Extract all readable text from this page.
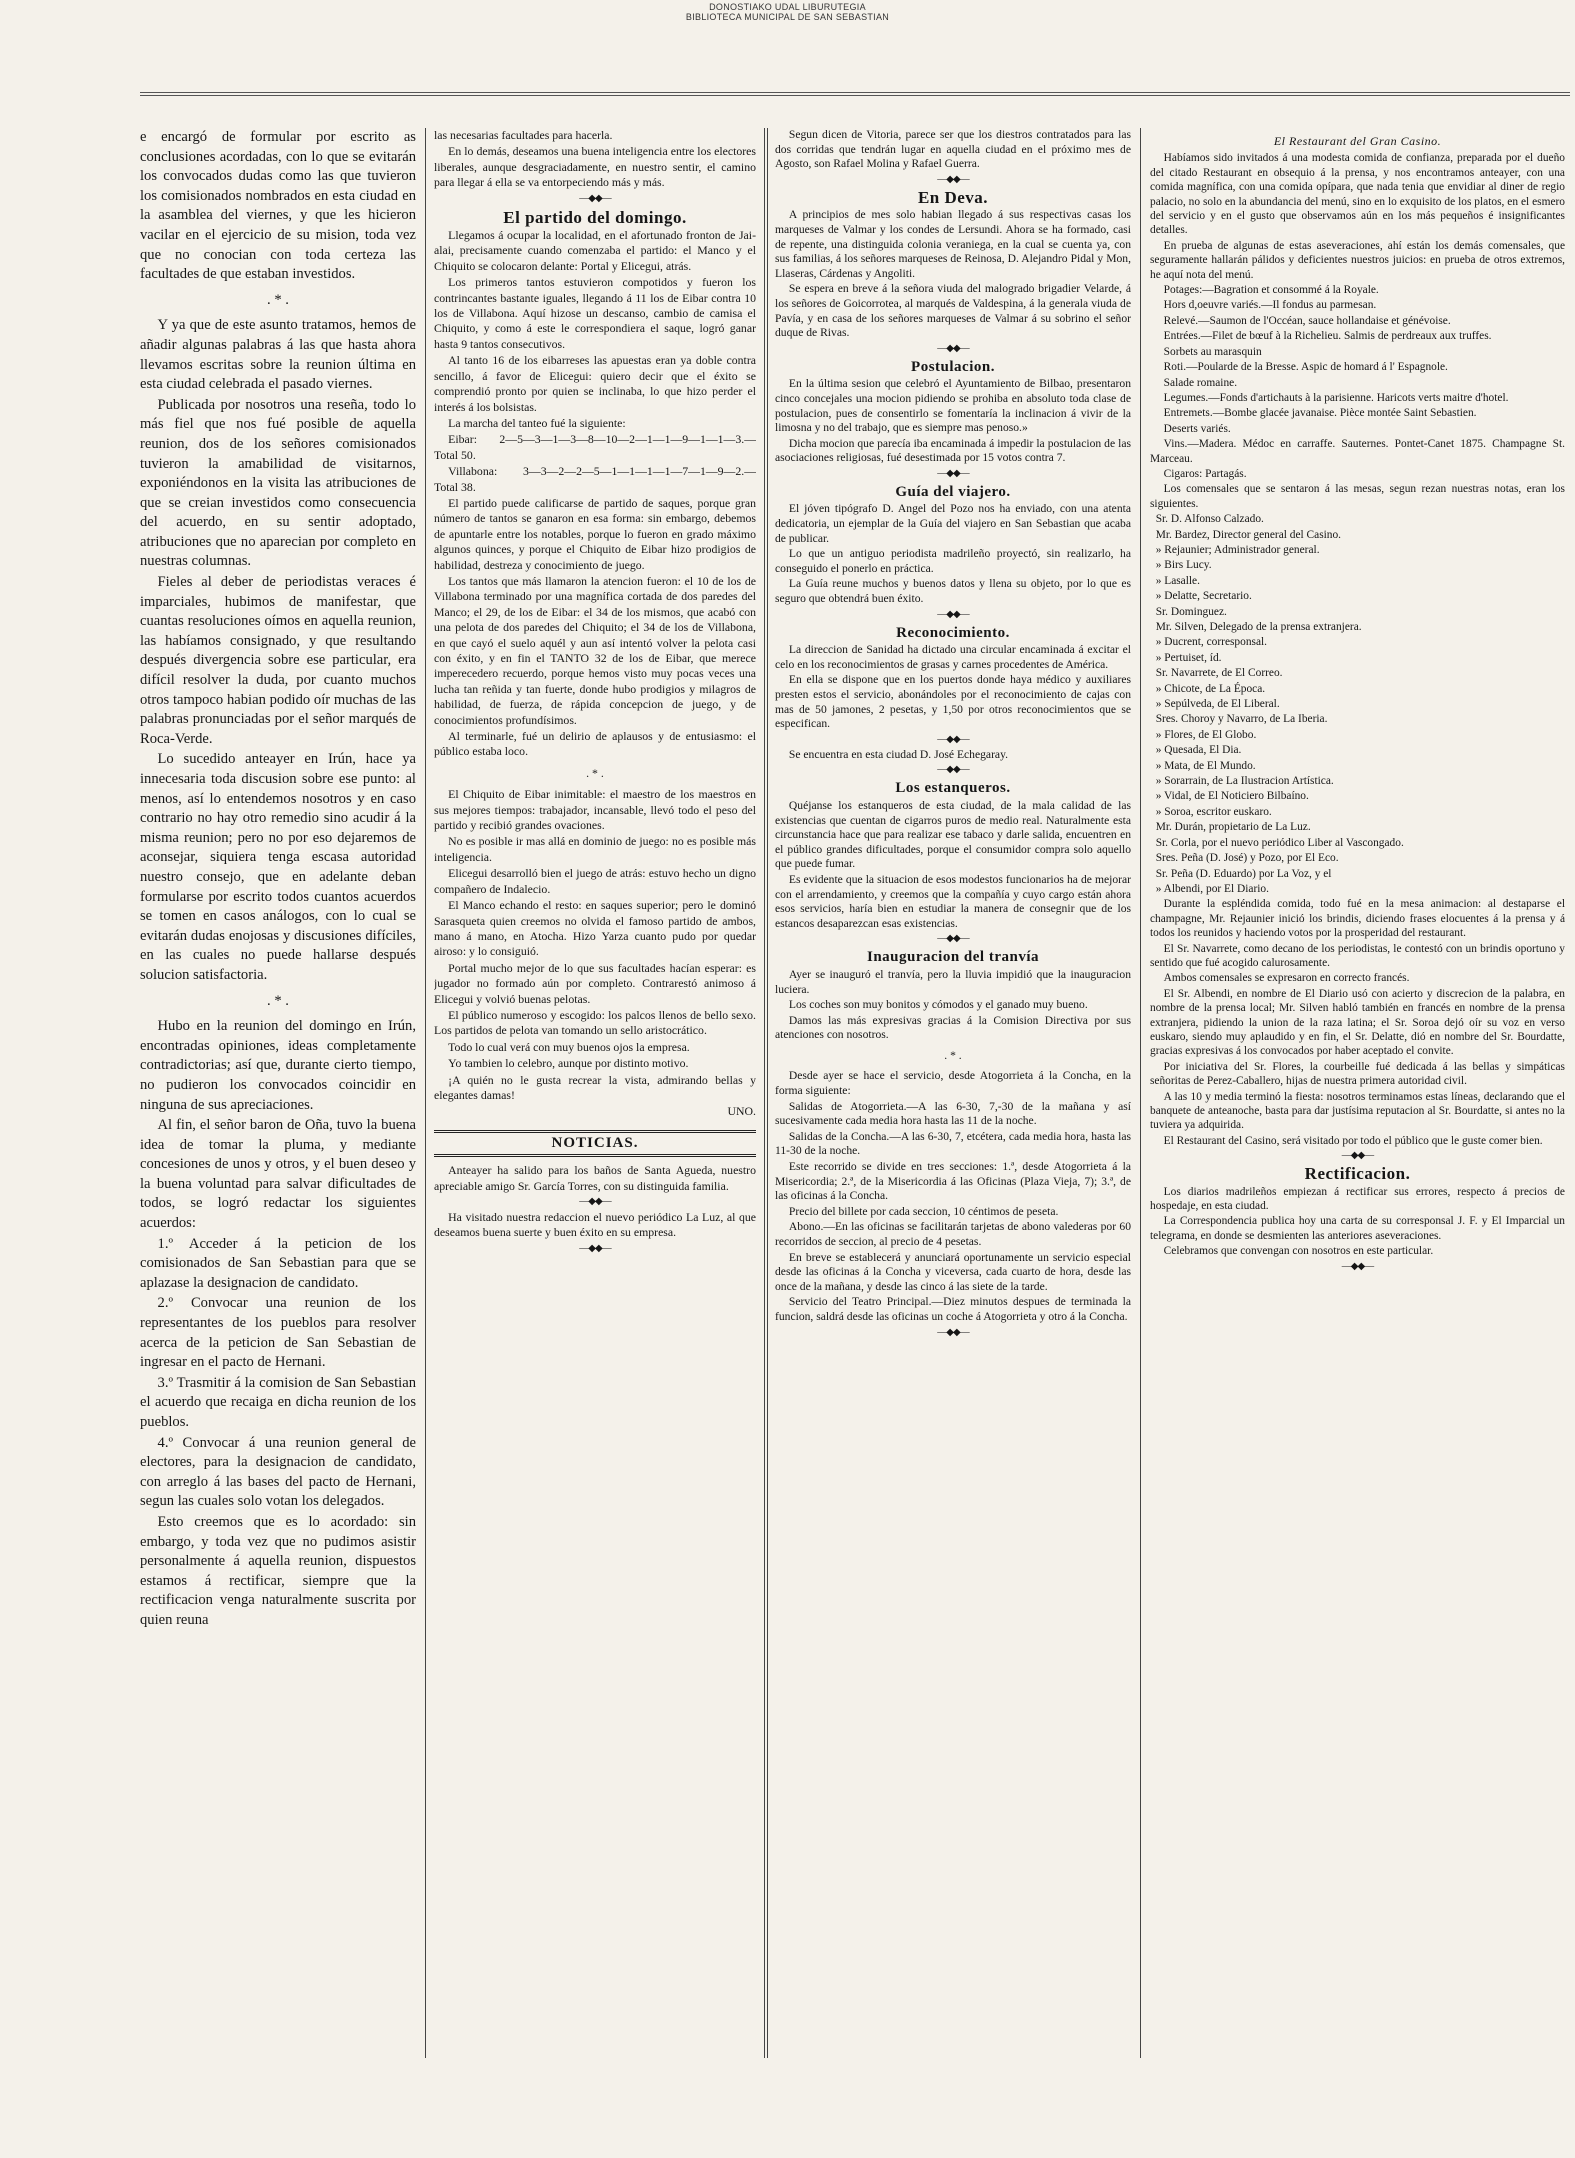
DONOSTIAKO UDAL LIBURUTEGIA
BIBLIOTECA MUNICIPAL DE SAN SEBASTIAN

e encargó de formular por escrito as conclusiones acordadas, con lo que se evitarán los convocados dudas como las que tuvieron los comisionados nombrados en esta ciudad en la asamblea del viernes, y que les hicieron vacilar en el ejercicio de su mision, toda vez que no conocian con toda certeza las facultades de que estaban investidos.

. * .

Y ya que de este asunto tratamos, hemos de añadir algunas palabras á las que hasta ahora llevamos escritas sobre la reunion última en esta ciudad celebrada el pasado viernes.

Publicada por nosotros una reseña, todo lo más fiel que nos fué posible de aquella reunion, dos de los señores comisionados tuvieron la amabilidad de visitarnos, exponiéndonos en la visita las atribuciones de que se creian investidos como consecuencia del acuerdo, en su sentir adoptado, atribuciones que no aparecian por completo en nuestras columnas.

Fieles al deber de periodistas veraces é imparciales, hubimos de manifestar, que cuantas resoluciones oímos en aquella reunion, las habíamos consignado, y que resultando después divergencia sobre ese particular, era difícil resolver la duda, por cuanto muchos otros tampoco habian podido oír muchas de las palabras pronunciadas por el señor marqués de Roca-Verde.

Lo sucedido anteayer en Irún, hace ya innecesaria toda discusion sobre ese punto: al menos, así lo entendemos nosotros y en caso contrario no hay otro remedio sino acudir á la misma reunion; pero no por eso dejaremos de aconsejar, siquiera tenga escasa autoridad nuestro consejo, que en adelante deban formularse por escrito todos cuantos acuerdos se tomen en casos análogos, con lo cual se evitarán dudas enojosas y discusiones difíciles, en las cuales no puede hallarse después solucion satisfactoria.

. * .

Hubo en la reunion del domingo en Irún, encontradas opiniones, ideas completamente contradictorias; así que, durante cierto tiempo, no pudieron los convocados coincidir en ninguna de sus apreciaciones.

Al fin, el señor baron de Oña, tuvo la buena idea de tomar la pluma, y mediante concesiones de unos y otros, y el buen deseo y la buena voluntad para salvar dificultades de todos, se logró redactar los siguientes acuerdos:

1.º Acceder á la peticion de los comisionados de San Sebastian para que se aplazase la designacion de candidato.

2.º Convocar una reunion de los representantes de los pueblos para resolver acerca de la peticion de San Sebastian de ingresar en el pacto de Hernani.

3.º Trasmitir á la comision de San Sebastian el acuerdo que recaiga en dicha reunion de los pueblos.

4.º Convocar á una reunion general de electores, para la designacion de candidato, con arreglo á las bases del pacto de Hernani, segun las cuales solo votan los delegados.

Esto creemos que es lo acordado: sin embargo, y toda vez que no pudimos asistir personalmente á aquella reunion, dispuestos estamos á rectificar, siempre que la rectificacion venga naturalmente suscrita por quien reuna

las necesarias facultades para hacerla.

En lo demás, deseamos una buena inteligencia entre los electores liberales, aunque desgraciadamente, en nuestro sentir, el camino para llegar á ella se va entorpeciendo más y más.

—◆◆—
El partido del domingo.

Llegamos á ocupar la localidad, en el afortunado fronton de Jai-alai, precisamente cuando comenzaba el partido: el Manco y el Chiquito se colocaron delante: Portal y Elicegui, atrás.

Los primeros tantos estuvieron compotidos y fueron los contrincantes bastante iguales, llegando á 11 los de Eibar contra 10 los de Villabona. Aquí hizose un descanso, cambio de camisa el Chiquito, y como á este le correspondiera el saque, logró ganar hasta 9 tantos consecutivos.

Al tanto 16 de los eibarreses las apuestas eran ya doble contra sencillo, á favor de Elicegui: quiero decir que el éxito se comprendió pronto por quien se inclinaba, lo que hizo perder el interés á los bolsistas.

La marcha del tanteo fué la siguiente:

Eibar: 2—5—3—1—3—8—10—2—1—1—9—1—1—3.—Total 50.

Villabona: 3—3—2—2—5—1—1—1—1—7—1—9—2.—Total 38.

El partido puede calificarse de partido de saques, porque gran número de tantos se ganaron en esa forma: sin embargo, debemos de apuntarle entre los notables, porque lo fueron en grado máximo algunos quinces, y porque el Chiquito de Eibar hizo prodigios de habilidad, destreza y conocimiento de juego.

Los tantos que más llamaron la atencion fueron: el 10 de los de Villabona terminado por una magnífica cortada de dos paredes del Manco; el 29, de los de Eibar: el 34 de los mismos, que acabó con una pelota de dos paredes del Chiquito; el 34 de los de Villabona, en que cayó el suelo aquél y aun así intentó volver la pelota casi con éxito, y en fin el TANTO 32 de los de Eibar, que merece imperecedero recuerdo, porque hemos visto muy pocas veces una lucha tan reñida y tan fuerte, donde hubo prodigios y milagros de habilidad, de fuerza, de rápida concepcion de juego, y de conocimientos profundísimos.

Al terminarle, fué un delirio de aplausos y de entusiasmo: el público estaba loco.

. * .

El Chiquito de Eibar inimitable: el maestro de los maestros en sus mejores tiempos: trabajador, incansable, llevó todo el peso del partido y recibió grandes ovaciones.

No es posible ir mas allá en dominio de juego: no es posible más inteligencia.

Elicegui desarrolló bien el juego de atrás: estuvo hecho un digno compañero de Indalecio.

El Manco echando el resto: en saques superior; pero le dominó Sarasqueta quien creemos no olvida el famoso partido de ambos, mano á mano, en Atocha. Hizo Yarza cuanto pudo por quedar airoso: y lo consiguió.

Portal mucho mejor de lo que sus facultades hacían esperar: es jugador no formado aún por completo. Contrarestó animoso á Elicegui y volvió buenas pelotas.

El público numeroso y escogido: los palcos llenos de bello sexo. Los partidos de pelota van tomando un sello aristocrático.

Todo lo cual verá con muy buenos ojos la empresa.

Yo tambien lo celebro, aunque por distinto motivo.

¡A quién no le gusta recrear la vista, admirando bellas y elegantes damas!

UNO.

NOTICIAS.

Anteayer ha salido para los baños de Santa Agueda, nuestro apreciable amigo Sr. García Torres, con su distinguida familia.

—◆◆—

Ha visitado nuestra redaccion el nuevo periódico La Luz, al que deseamos buena suerte y buen éxito en su empresa.

—◆◆—

Segun dicen de Vitoria, parece ser que los diestros contratados para las dos corridas que tendrán lugar en aquella ciudad en el próximo mes de Agosto, son Rafael Molina y Rafael Guerra.

—◆◆—
En Deva.

A principios de mes solo habian llegado á sus respectivas casas los marqueses de Valmar y los condes de Lersundi. Ahora se ha formado, casi de repente, una distinguida colonia veraniega, en la cual se cuenta ya, con sus familias, á los señores marqueses de Reinosa, D. Alejandro Pidal y Mon, Llaseras, Cárdenas y Angoliti.

Se espera en breve á la señora viuda del malogrado brigadier Velarde, á los señores de Goicorrotea, al marqués de Valdespina, á la generala viuda de Pavía, y en casa de los señores marqueses de Valmar á su sobrino el señor duque de Rivas.

—◆◆—
Postulacion.

En la última sesion que celebró el Ayuntamiento de Bilbao, presentaron cinco concejales una mocion pidiendo se prohiba en absoluto toda clase de postulacion, pues de consentirlo se fomentaría la inclinacion á vivir de la limosna y no del trabajo, que es siempre mas penoso.»

Dicha mocion que parecía iba encaminada á impedir la postulacion de las asociaciones religiosas, fué desestimada por 15 votos contra 7.

—◆◆—
Guía del viajero.

El jóven tipógrafo D. Angel del Pozo nos ha enviado, con una atenta dedicatoria, un ejemplar de la Guía del viajero en San Sebastian que acaba de publicar.

Lo que un antiguo periodista madrileño proyectó, sin realizarlo, ha conseguido el ponerlo en práctica.

La Guía reune muchos y buenos datos y llena su objeto, por lo que es seguro que obtendrá buen éxito.

—◆◆—
Reconocimiento.

La direccion de Sanidad ha dictado una circular encaminada á excitar el celo en los reconocimientos de grasas y carnes procedentes de América.

En ella se dispone que en los puertos donde haya médico y auxiliares presten estos el servicio, abonándoles por el reconocimiento de cajas con mas de 50 jamones, 2 pesetas, y 1,50 por otros reconocimientos que se especifican.

—◆◆—

Se encuentra en esta ciudad D. José Echegaray.

—◆◆—
Los estanqueros.

Quéjanse los estanqueros de esta ciudad, de la mala calidad de las existencias que cuentan de cigarros puros de medio real. Naturalmente esta circunstancia hace que para realizar ese tabaco y darle salida, encuentren en el público grandes dificultades, porque el consumidor compra solo aquello que puede fumar.

Es evidente que la situacion de esos modestos funcionarios ha de mejorar con el arrendamiento, y creemos que la compañía y cuyo cargo están ahora esos servicios, haría bien en estudiar la manera de consegnir que de los estancos desaparezcan esas existencias.

—◆◆—
Inauguracion del tranvía

Ayer se inauguró el tranvía, pero la lluvia impidió que la inauguracion luciera.

Los coches son muy bonitos y cómodos y el ganado muy bueno.

Damos las más expresivas gracias á la Comision Directiva por sus atenciones con nosotros.

. * .

Desde ayer se hace el servicio, desde Atogorrieta á la Concha, en la forma siguiente:

Salidas de Atogorrieta.—A las 6-30, 7,-30 de la mañana y así sucesivamente cada media hora hasta las 11 de la noche.

Salidas de la Concha.—A las 6-30, 7, etcétera, cada media hora, hasta las 11-30 de la noche.

Este recorrido se divide en tres secciones: 1.ª, desde Atogorrieta á la Misericordia; 2.ª, de la Misericordia á las Oficinas (Plaza Vieja, 7); 3.ª, de las oficinas á la Concha.

Precio del billete por cada seccion, 10 céntimos de peseta.

Abono.—En las oficinas se facilitarán tarjetas de abono valederas por 60 recorridos de seccion, al precio de 4 pesetas.

En breve se establecerá y anunciará oportunamente un servicio especial desde las oficinas á la Concha y viceversa, cada cuarto de hora, desde las once de la mañana, y desde las cinco á las siete de la tarde.

Servicio del Teatro Principal.—Diez minutos despues de terminada la funcion, saldrá desde las oficinas un coche á Atogorrieta y otro á la Concha.

—◆◆—
El Restaurant del Gran Casino.

Habíamos sido invitados á una modesta comida de confianza, preparada por el dueño del citado Restaurant en obsequio á la prensa, y nos encontramos anteayer, con una comida magnífica, con una comida opípara, que nada tenia que envidiar al diner de regio palacio, no solo en la abundancia del menú, sino en lo exquisito de los platos, en el esmero del servicio y en el gusto que observamos aún en los más pequeños é insignificantes detalles.

En prueba de algunas de estas aseveraciones, ahí están los demás comensales, que seguramente hallarán pálidos y deficientes nuestros juicios: en prueba de otros extremos, he aquí nota del menú.

Potages:—Bagration et consommé á la Royale.

Hors d,oeuvre variés.—Il fondus au parmesan.

Relevé.—Saumon de l'Occéan, sauce hollandaise et génévoise.

Entrées.—Filet de bœuf à la Richelieu. Salmis de perdreaux aux truffes.

Sorbets au marasquin

Roti.—Poularde de la Bresse. Aspic de homard á l' Espagnole.

Salade romaine.

Legumes.—Fonds d'artichauts à la parisienne. Haricots verts maitre d'hotel.

Entremets.—Bombe glacée javanaise. Pièce montée Saint Sebastien.

Deserts variés.

Vins.—Madera. Médoc en carraffe. Sauternes. Pontet-Canet 1875. Champagne St. Marceau.

Cigaros: Partagás.

Los comensales que se sentaron á las mesas, segun rezan nuestras notas, eran los siguientes.

Sr. D. Alfonso Calzado.

Mr. Bardez, Director general del Casino.

» Rejaunier; Administrador general.

» Birs Lucy.

» Lasalle.

» Delatte, Secretario.

Sr. Dominguez.

Mr. Silven, Delegado de la prensa extranjera.

» Ducrent, corresponsal.

» Pertuiset, íd.

Sr. Navarrete, de El Correo.

» Chicote, de La Época.

» Sepúlveda, de El Liberal.

Sres. Choroy y Navarro, de La Iberia.

» Flores, de El Globo.

» Quesada, El Dia.

» Mata, de El Mundo.

» Sorarrain, de La Ilustracion Artística.

» Vidal, de El Noticiero Bilbaíno.

» Soroa, escritor euskaro.

Mr. Durán, propietario de La Luz.

Sr. Corla, por el nuevo periódico Liber al Vascongado.

Sres. Peña (D. José) y Pozo, por El Eco.

Sr. Peña (D. Eduardo) por La Voz, y el

» Albendi, por El Diario.

Durante la espléndida comida, todo fué en la mesa animacion: al destaparse el champagne, Mr. Rejaunier inició los brindis, diciendo frases elocuentes á la prensa y á todos los reunidos y haciendo votos por la prosperidad del restaurant.

El Sr. Navarrete, como decano de los periodistas, le contestó con un brindis oportuno y sentido que fué acogido calurosamente.

Ambos comensales se expresaron en correcto francés.

El Sr. Albendi, en nombre de El Diario usó con acierto y discrecion de la palabra, en nombre de la prensa local; Mr. Silven habló también en francés en nombre de la prensa extranjera, pidiendo la union de la raza latina; el Sr. Soroa dejó oír su voz en verso euskaro, siendo muy aplaudido y en fin, el Sr. Delatte, dió en nombre del Sr. Bourdatte, gracias expresivas á los convocados por haber aceptado el convite.

Por iniciativa del Sr. Flores, la courbeille fué dedicada á las bellas y simpáticas señoritas de Perez-Caballero, hijas de nuestra primera autoridad civil.

A las 10 y media terminó la fiesta: nosotros terminamos estas líneas, declarando que el banquete de anteanoche, basta para dar justísima reputacion al Sr. Bourdatte, si antes no la tuviera ya adquirida.

El Restaurant del Casino, será visitado por todo el público que le guste comer bien.

—◆◆—
Rectificacion.

Los diarios madrileños empiezan á rectificar sus errores, respecto á precios de hospedaje, en esta ciudad.

La Correspondencia publica hoy una carta de su corresponsal J. F. y El Imparcial un telegrama, en donde se desmienten las anteriores aseveraciones.

Celebramos que convengan con nosotros en este particular.

—◆◆—
